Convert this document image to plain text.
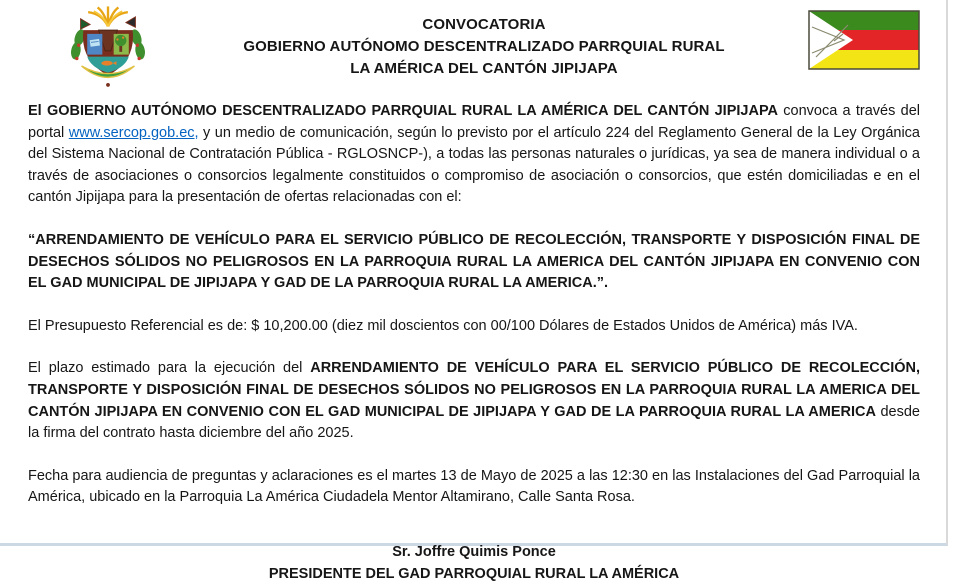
CONVOCATORIA
GOBIERNO AUTÓNOMO DESCENTRALIZADO PARRQUIAL RURAL
LA AMÉRICA DEL CANTÓN JIPIJAPA

El GOBIERNO AUTÓNOMO DESCENTRALIZADO PARRQUIAL RURAL LA AMÉRICA DEL CANTÓN JIPIJAPA convoca a través del portal www.sercop.gob.ec, y un medio de comunicación, según lo previsto por el artículo 224 del Reglamento General de la Ley Orgánica del Sistema Nacional de Contratación Pública - RGLOSNCP-), a todas las personas naturales o jurídicas, ya sea de manera individual o a través de asociaciones o consorcios legalmente constituidos o compromiso de asociación o consorcios, que estén domiciliadas e en el cantón Jipijapa para la presentación de ofertas relacionadas con el:

“ARRENDAMIENTO DE VEHÍCULO PARA EL SERVICIO PÚBLICO DE RECOLECCIÓN, TRANSPORTE Y DISPOSICIÓN FINAL DE DESECHOS SÓLIDOS NO PELIGROSOS EN LA PARROQUIA RURAL LA AMERICA DEL CANTÓN JIPIJAPA EN CONVENIO CON EL GAD MUNICIPAL DE JIPIJAPA Y GAD DE LA PARROQUIA RURAL LA AMERICA.”.

El Presupuesto Referencial es de: $ 10,200.00 (diez mil doscientos con 00/100 Dólares de Estados Unidos de América) más IVA.

El plazo estimado para la ejecución del ARRENDAMIENTO DE VEHÍCULO PARA EL SERVICIO PÚBLICO DE RECOLECCIÓN, TRANSPORTE Y DISPOSICIÓN FINAL DE DESECHOS SÓLIDOS NO PELIGROSOS EN LA PARROQUIA RURAL LA AMERICA DEL CANTÓN JIPIJAPA EN CONVENIO CON EL GAD MUNICIPAL DE JIPIJAPA Y GAD DE LA PARROQUIA RURAL LA AMERICA desde la firma del contrato hasta diciembre del año 2025.

Fecha para audiencia de preguntas y aclaraciones es el martes 13 de Mayo de 2025 a las 12:30 en las Instalaciones del Gad Parroquial la América, ubicado en la Parroquia La América Ciudadela Mentor Altamirano, Calle Santa Rosa.

Sr. Joffre Quimis Ponce
PRESIDENTE DEL GAD PARROQUIAL RURAL LA AMÉRICA
